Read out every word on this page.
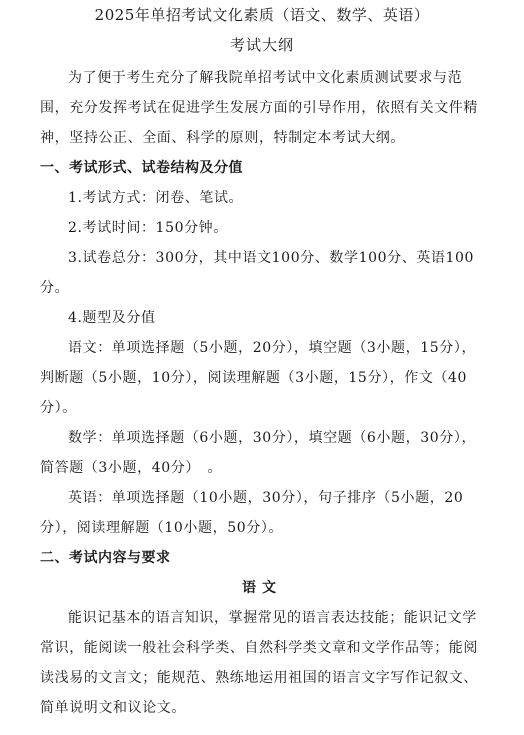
2025年单招考试文化素质（语文、数学、英语）
考试大纲
为了便于考生充分了解我院单招考试中文化素质测试要求与范
围，充分发挥考试在促进学生发展方面的引导作用，依照有关文件精
神，坚持公正、全面、科学的原则，特制定本考试大纲。
一、考试形式、试卷结构及分值
1.考试方式：闭卷、笔试。
2.考试时间：150分钟。
3.试卷总分：300分，其中语文100分、数学100分、英语100
分。
4.题型及分值
语文：单项选择题（5小题，20分），填空题（3小题，15分），
判断题（5小题，10分），阅读理解题（3小题，15分），作文（40
分）。
数学：单项选择题（6小题，30分），填空题（6小题，30分），
简答题（3小题，40分）　。
英语：单项选择题（10小题，30分），句子排序（5小题，20
分），阅读理解题（10小题，50分）。
二、考试内容与要求
语文
能识记基本的语言知识，掌握常见的语言表达技能；能识记文学
常识，能阅读一般社会科学类、自然科学类文章和文学作品等；能阅
读浅易的文言文；能规范、熟练地运用祖国的语言文字写作记叙文、
简单说明文和议论文。
